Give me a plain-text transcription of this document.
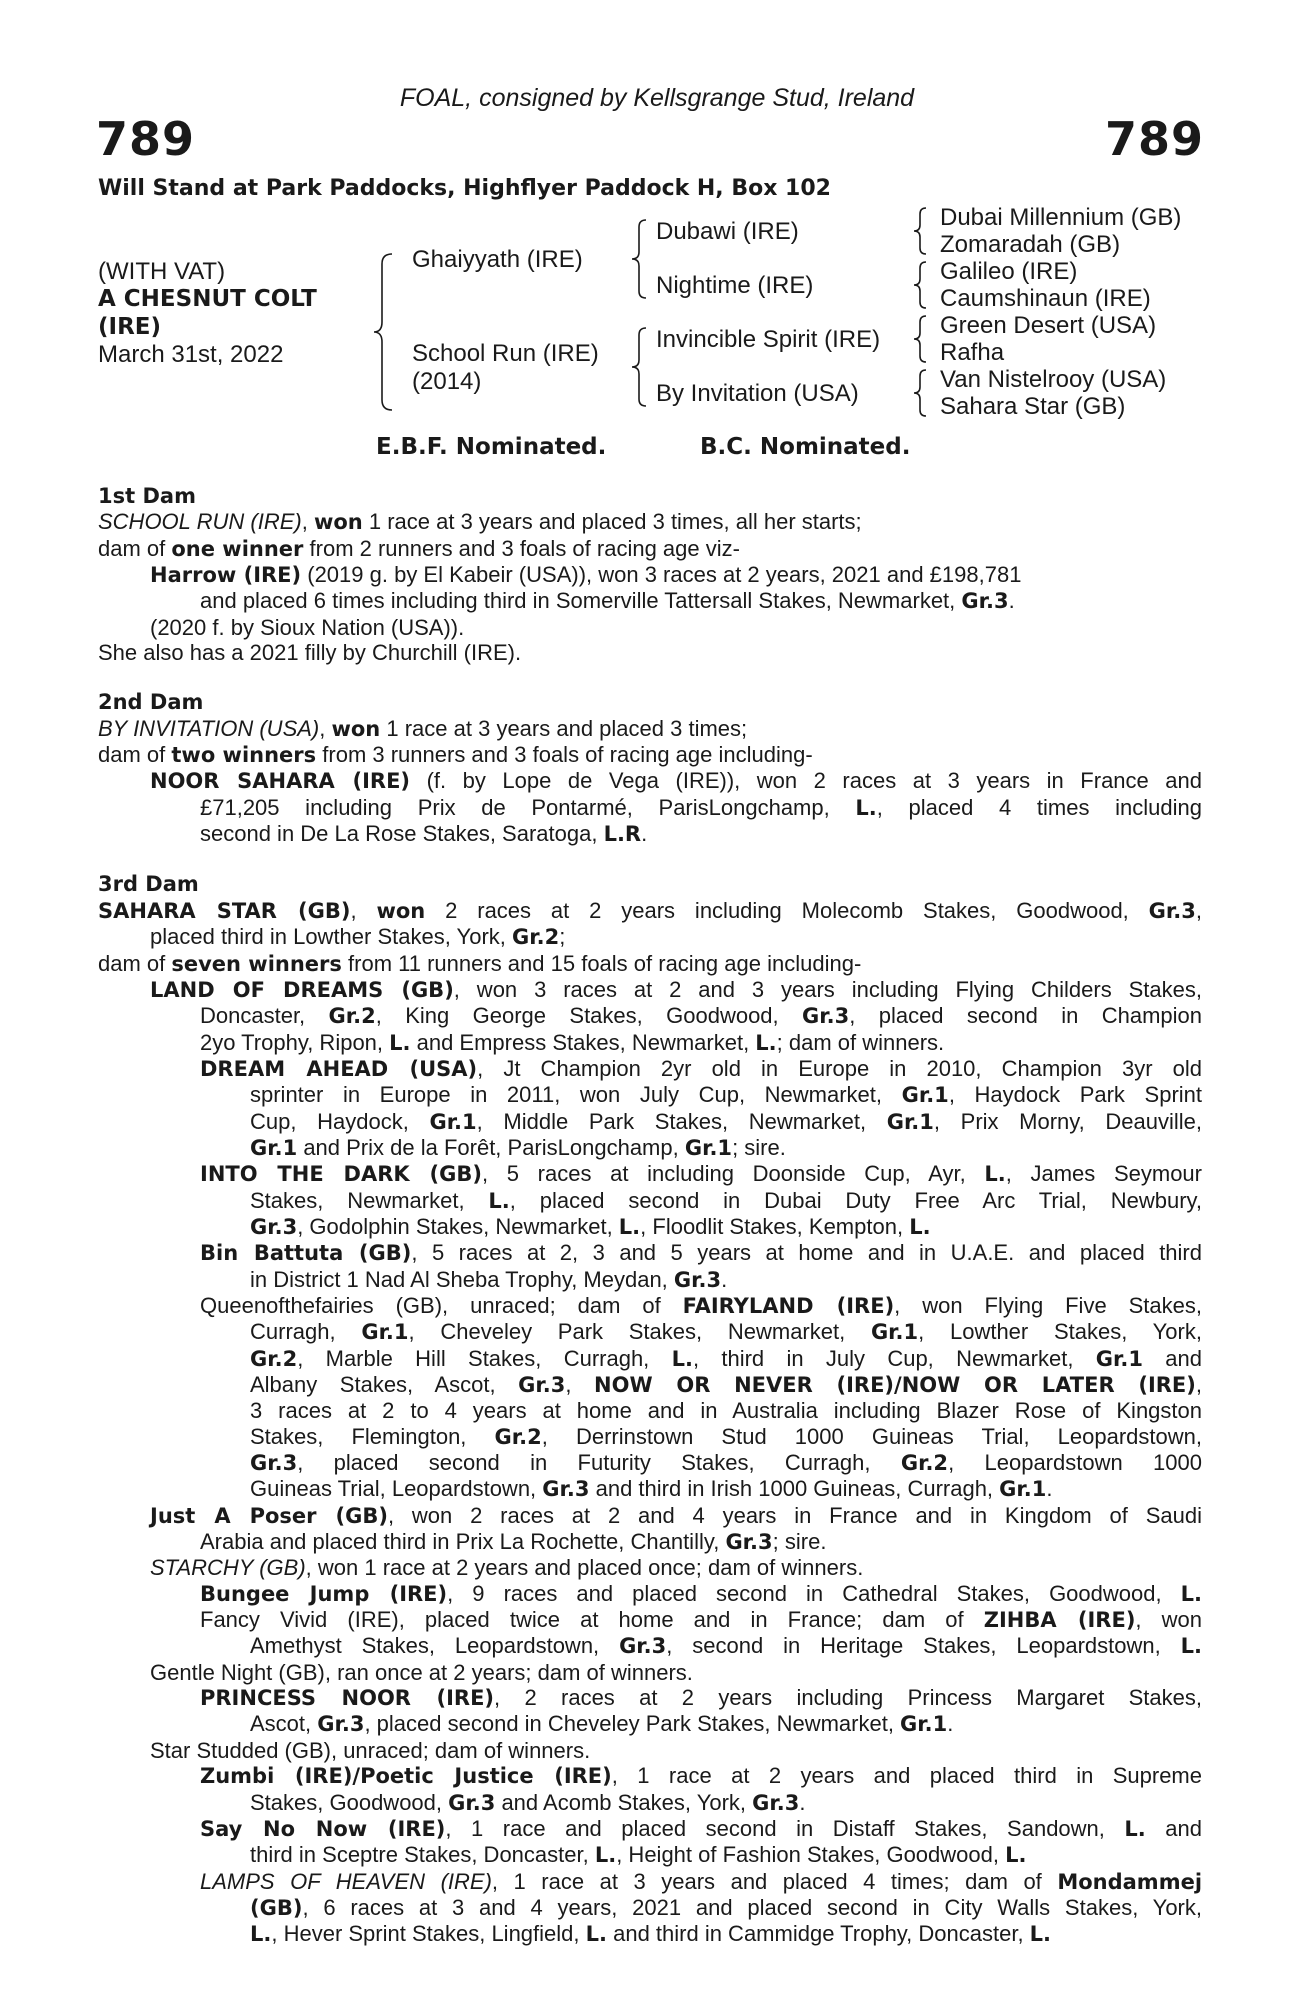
FOAL, consigned by Kellsgrange Stud, Ireland
789	789
Will Stand at Park Paddocks, Highflyer Paddock H, Box 102
(WITH VAT)
A CHESNUT COLT
(IRE)
March 31st, 2022
Ghaiyyath (IRE)
School Run (IRE)
(2014)
Dubawi (IRE)
Nightime (IRE)
Invincible Spirit (IRE)
By Invitation (USA)
Dubai Millennium (GB)
Zomaradah (GB)
Galileo (IRE)
Caumshinaun (IRE)
Green Desert (USA)
Rafha
Van Nistelrooy (USA)
Sahara Star (GB)
E.B.F. Nominated.	B.C. Nominated.
1st Dam
SCHOOL RUN (IRE), won 1 race at 3 years and placed 3 times, all her starts;
dam of one winner from 2 runners and 3 foals of racing age viz-
Harrow (IRE) (2019 g. by El Kabeir (USA)), won 3 races at 2 years, 2021 and £198,781
and placed 6 times including third in Somerville Tattersall Stakes, Newmarket, Gr.3.
(2020 f. by Sioux Nation (USA)).
She also has a 2021 filly by Churchill (IRE).
2nd Dam
BY INVITATION (USA), won 1 race at 3 years and placed 3 times;
dam of two winners from 3 runners and 3 foals of racing age including-
NOOR SAHARA (IRE) (f. by Lope de Vega (IRE)), won 2 races at 3 years in France and
£71,205 including Prix de Pontarmé, ParisLongchamp, L., placed 4 times including
second in De La Rose Stakes, Saratoga, L.R.
3rd Dam
SAHARA STAR (GB), won 2 races at 2 years including Molecomb Stakes, Goodwood, Gr.3,
placed third in Lowther Stakes, York, Gr.2;
dam of seven winners from 11 runners and 15 foals of racing age including-
LAND OF DREAMS (GB), won 3 races at 2 and 3 years including Flying Childers Stakes,
Doncaster, Gr.2, King George Stakes, Goodwood, Gr.3, placed second in Champion
2yo Trophy, Ripon, L. and Empress Stakes, Newmarket, L.; dam of winners.
DREAM AHEAD (USA), Jt Champion 2yr old in Europe in 2010, Champion 3yr old
sprinter in Europe in 2011, won July Cup, Newmarket, Gr.1, Haydock Park Sprint
Cup, Haydock, Gr.1, Middle Park Stakes, Newmarket, Gr.1, Prix Morny, Deauville,
Gr.1 and Prix de la Forêt, ParisLongchamp, Gr.1; sire.
INTO THE DARK (GB), 5 races at including Doonside Cup, Ayr, L., James Seymour
Stakes, Newmarket, L., placed second in Dubai Duty Free Arc Trial, Newbury,
Gr.3, Godolphin Stakes, Newmarket, L., Floodlit Stakes, Kempton, L.
Bin Battuta (GB), 5 races at 2, 3 and 5 years at home and in U.A.E. and placed third
in District 1 Nad Al Sheba Trophy, Meydan, Gr.3.
Queenofthefairies (GB), unraced; dam of FAIRYLAND (IRE), won Flying Five Stakes,
Curragh, Gr.1, Cheveley Park Stakes, Newmarket, Gr.1, Lowther Stakes, York,
Gr.2, Marble Hill Stakes, Curragh, L., third in July Cup, Newmarket, Gr.1 and
Albany Stakes, Ascot, Gr.3, NOW OR NEVER (IRE)/NOW OR LATER (IRE),
3 races at 2 to 4 years at home and in Australia including Blazer Rose of Kingston
Stakes, Flemington, Gr.2, Derrinstown Stud 1000 Guineas Trial, Leopardstown,
Gr.3, placed second in Futurity Stakes, Curragh, Gr.2, Leopardstown 1000
Guineas Trial, Leopardstown, Gr.3 and third in Irish 1000 Guineas, Curragh, Gr.1.
Just A Poser (GB), won 2 races at 2 and 4 years in France and in Kingdom of Saudi
Arabia and placed third in Prix La Rochette, Chantilly, Gr.3; sire.
STARCHY (GB), won 1 race at 2 years and placed once; dam of winners.
Bungee Jump (IRE), 9 races and placed second in Cathedral Stakes, Goodwood, L.
Fancy Vivid (IRE), placed twice at home and in France; dam of ZIHBA (IRE), won
Amethyst Stakes, Leopardstown, Gr.3, second in Heritage Stakes, Leopardstown, L.
Gentle Night (GB), ran once at 2 years; dam of winners.
PRINCESS NOOR (IRE), 2 races at 2 years including Princess Margaret Stakes,
Ascot, Gr.3, placed second in Cheveley Park Stakes, Newmarket, Gr.1.
Star Studded (GB), unraced; dam of winners.
Zumbi (IRE)/Poetic Justice (IRE), 1 race at 2 years and placed third in Supreme
Stakes, Goodwood, Gr.3 and Acomb Stakes, York, Gr.3.
Say No Now (IRE), 1 race and placed second in Distaff Stakes, Sandown, L. and
third in Sceptre Stakes, Doncaster, L., Height of Fashion Stakes, Goodwood, L.
LAMPS OF HEAVEN (IRE), 1 race at 3 years and placed 4 times; dam of Mondammej
(GB), 6 races at 3 and 4 years, 2021 and placed second in City Walls Stakes, York,
L., Hever Sprint Stakes, Lingfield, L. and third in Cammidge Trophy, Doncaster, L.
